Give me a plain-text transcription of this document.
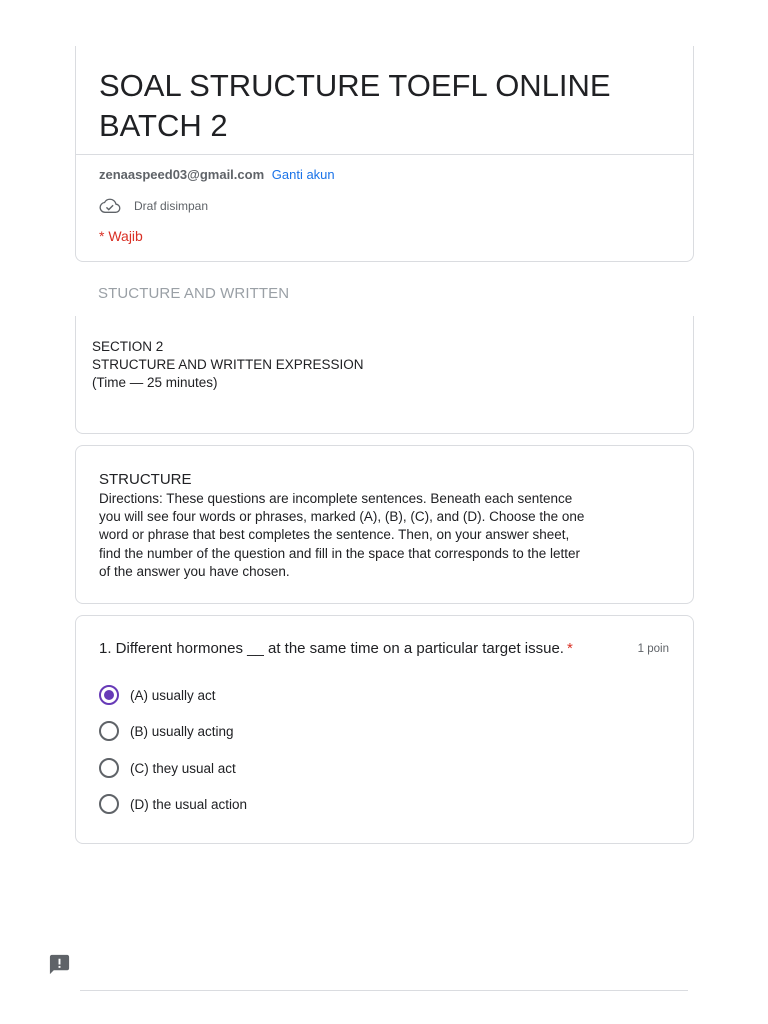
SOAL STRUCTURE TOEFL ONLINE BATCH 2
zenaaspeed03@gmail.com Ganti akun
Draf disimpan
* Wajib
STUCTURE AND WRITTEN
SECTION 2
STRUCTURE AND WRITTEN EXPRESSION
(Time — 25 minutes)
STRUCTURE
Directions: These questions are incomplete sentences. Beneath each sentence you will see four words or phrases, marked (A), (B), (C), and (D). Choose the one word or phrase that best completes the sentence. Then, on your answer sheet, find the number of the question and fill in the space that corresponds to the letter of the answer you have chosen.
1. Different hormones __ at the same time on a particular target issue. *	1 poin
(A) usually act
(B) usually acting
(C) they usual act
(D) the usual action
